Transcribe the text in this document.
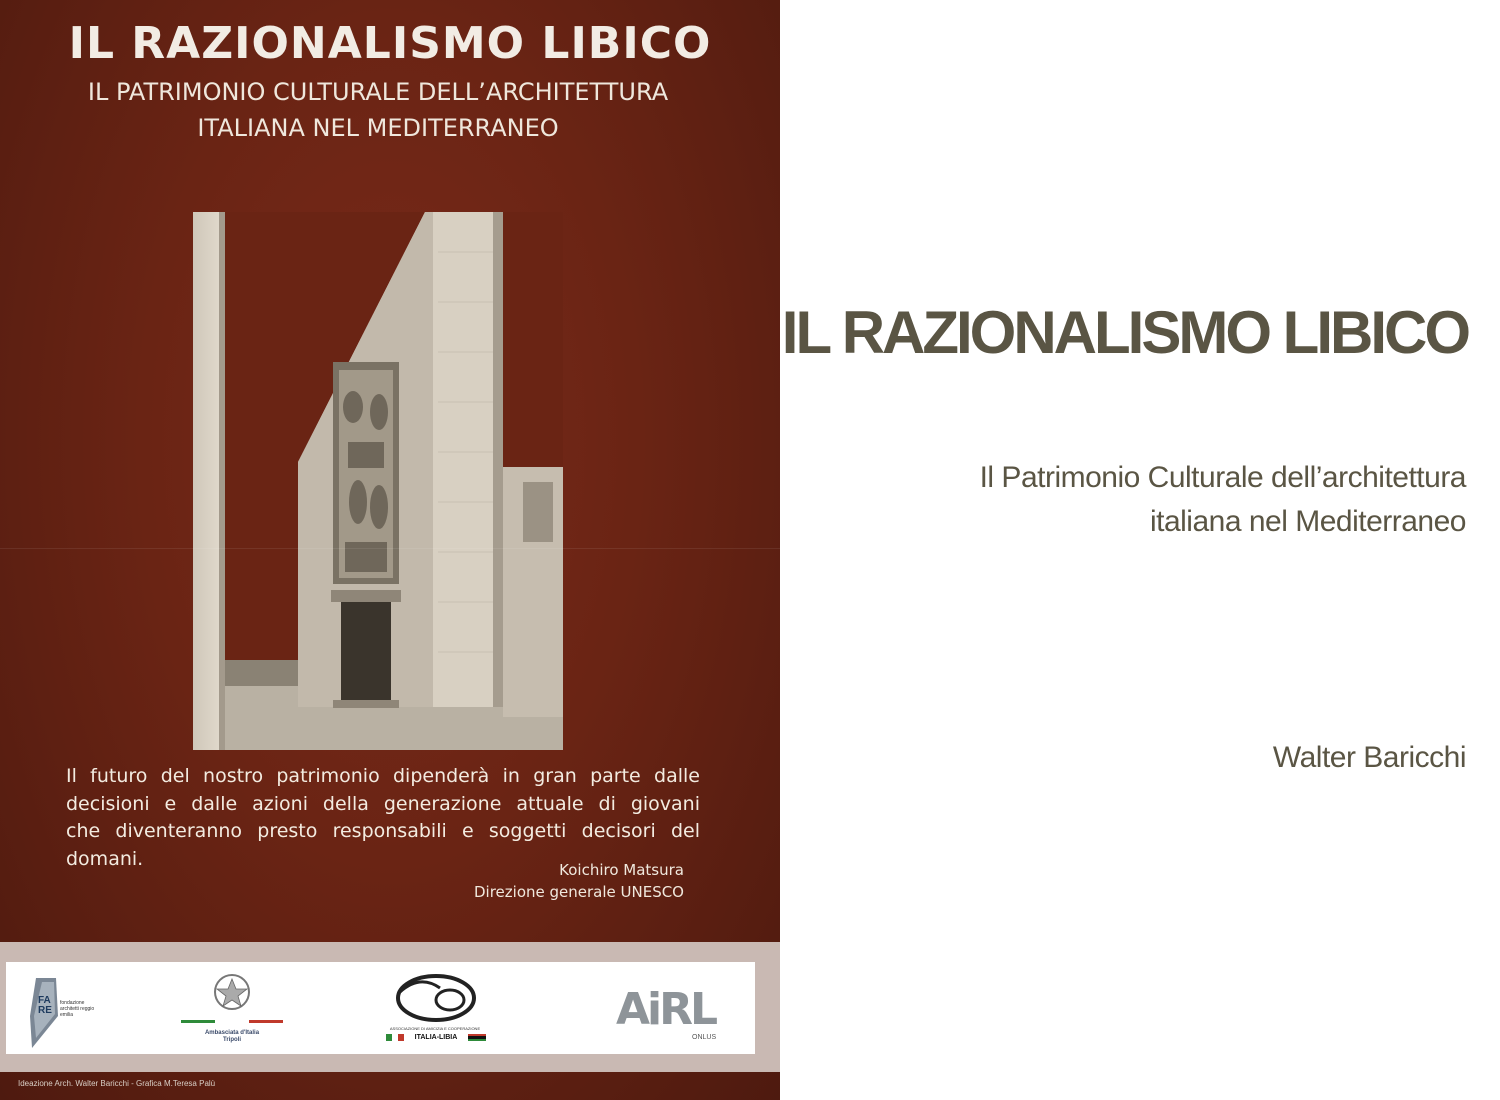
IL RAZIONALISMO LIBICO

IL PATRIMONIO CULTURALE DELL’ARCHITETTURA

ITALIANA NEL MEDITERRANEO

Il futuro del nostro patrimonio dipenderà in gran parte dalle

decisioni e dalle azioni della generazione attuale di giovani

che diventeranno presto responsabili e soggetti decisori del domani.

Koichiro Matsura
Direzione generale UNESCO
FA RE
fondazione architetti reggio emilia
Ambasciata d'Italia
Tripoli
ASSOCIAZIONE DI AMICIZIA E COOPERAZIONE
ITALIA-LIBIA
AiRL
ONLUS
Ideazione Arch. Walter Baricchi - Grafica M.Teresa Palù
IL RAZIONALISMO LIBICO

Il Patrimonio Culturale dell’architettura

italiana nel Mediterraneo

Walter Baricchi
